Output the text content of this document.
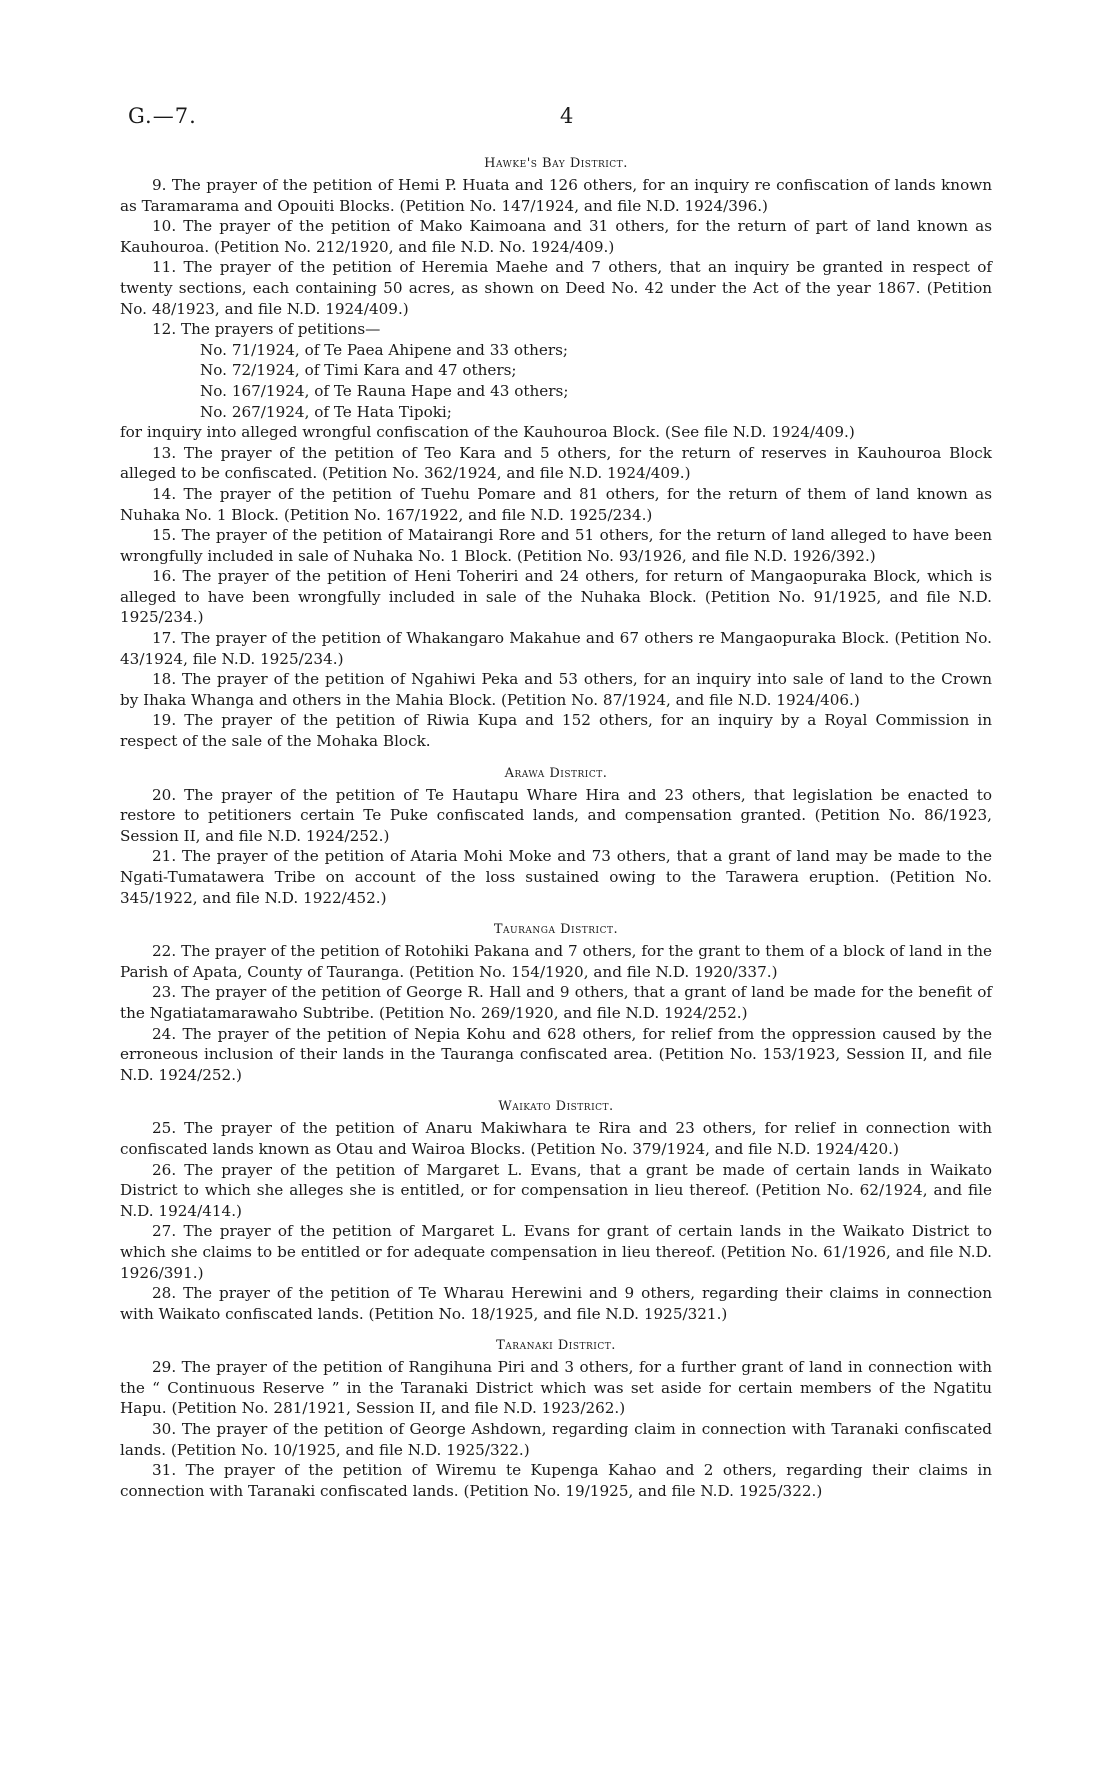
G.—7.	4
Hawke's Bay District.

9. The prayer of the petition of Hemi P. Huata and 126 others, for an inquiry re confiscation of lands known as Taramarama and Opouiti Blocks. (Petition No. 147/1924, and file N.D. 1924/396.)

10. The prayer of the petition of Mako Kaimoana and 31 others, for the return of part of land known as Kauhouroa. (Petition No. 212/1920, and file N.D. No. 1924/409.)

11. The prayer of the petition of Heremia Maehe and 7 others, that an inquiry be granted in respect of twenty sections, each containing 50 acres, as shown on Deed No. 42 under the Act of the year 1867. (Petition No. 48/1923, and file N.D. 1924/409.)

12. The prayers of petitions—

No. 71/1924, of Te Paea Ahipene and 33 others;
No. 72/1924, of Timi Kara and 47 others;
No. 167/1924, of Te Rauna Hape and 43 others;
No. 267/1924, of Te Hata Tipoki;

for inquiry into alleged wrongful confiscation of the Kauhouroa Block. (See file N.D. 1924/409.)

13. The prayer of the petition of Teo Kara and 5 others, for the return of reserves in Kauhouroa Block alleged to be confiscated. (Petition No. 362/1924, and file N.D. 1924/409.)

14. The prayer of the petition of Tuehu Pomare and 81 others, for the return of them of land known as Nuhaka No. 1 Block. (Petition No. 167/1922, and file N.D. 1925/234.)

15. The prayer of the petition of Matairangi Rore and 51 others, for the return of land alleged to have been wrongfully included in sale of Nuhaka No. 1 Block. (Petition No. 93/1926, and file N.D. 1926/392.)

16. The prayer of the petition of Heni Toheriri and 24 others, for return of Mangaopuraka Block, which is alleged to have been wrongfully included in sale of the Nuhaka Block. (Petition No. 91/1925, and file N.D. 1925/234.)

17. The prayer of the petition of Whakangaro Makahue and 67 others re Mangaopuraka Block. (Petition No. 43/1924, file N.D. 1925/234.)

18. The prayer of the petition of Ngahiwi Peka and 53 others, for an inquiry into sale of land to the Crown by Ihaka Whanga and others in the Mahia Block. (Petition No. 87/1924, and file N.D. 1924/406.)

19. The prayer of the petition of Riwia Kupa and 152 others, for an inquiry by a Royal Commission in respect of the sale of the Mohaka Block.

Arawa District.

20. The prayer of the petition of Te Hautapu Whare Hira and 23 others, that legislation be enacted to restore to petitioners certain Te Puke confiscated lands, and compensation granted. (Petition No. 86/1923, Session II, and file N.D. 1924/252.)

21. The prayer of the petition of Ataria Mohi Moke and 73 others, that a grant of land may be made to the Ngati-Tumatawera Tribe on account of the loss sustained owing to the Tarawera eruption. (Petition No. 345/1922, and file N.D. 1922/452.)

Tauranga District.

22. The prayer of the petition of Rotohiki Pakana and 7 others, for the grant to them of a block of land in the Parish of Apata, County of Tauranga. (Petition No. 154/1920, and file N.D. 1920/337.)

23. The prayer of the petition of George R. Hall and 9 others, that a grant of land be made for the benefit of the Ngatiatamarawaho Subtribe. (Petition No. 269/1920, and file N.D. 1924/252.)

24. The prayer of the petition of Nepia Kohu and 628 others, for relief from the oppression caused by the erroneous inclusion of their lands in the Tauranga confiscated area. (Petition No. 153/1923, Session II, and file N.D. 1924/252.)

Waikato District.

25. The prayer of the petition of Anaru Makiwhara te Rira and 23 others, for relief in connection with confiscated lands known as Otau and Wairoa Blocks. (Petition No. 379/1924, and file N.D. 1924/420.)

26. The prayer of the petition of Margaret L. Evans, that a grant be made of certain lands in Waikato District to which she alleges she is entitled, or for compensation in lieu thereof. (Petition No. 62/1924, and file N.D. 1924/414.)

27. The prayer of the petition of Margaret L. Evans for grant of certain lands in the Waikato District to which she claims to be entitled or for adequate compensation in lieu thereof. (Petition No. 61/1926, and file N.D. 1926/391.)

28. The prayer of the petition of Te Wharau Herewini and 9 others, regarding their claims in connection with Waikato confiscated lands. (Petition No. 18/1925, and file N.D. 1925/321.)

Taranaki District.

29. The prayer of the petition of Rangihuna Piri and 3 others, for a further grant of land in connection with the “ Continuous Reserve ” in the Taranaki District which was set aside for certain members of the Ngatitu Hapu. (Petition No. 281/1921, Session II, and file N.D. 1923/262.)

30. The prayer of the petition of George Ashdown, regarding claim in connection with Taranaki confiscated lands. (Petition No. 10/1925, and file N.D. 1925/322.)

31. The prayer of the petition of Wiremu te Kupenga Kahao and 2 others, regarding their claims in connection with Taranaki confiscated lands. (Petition No. 19/1925, and file N.D. 1925/322.)
